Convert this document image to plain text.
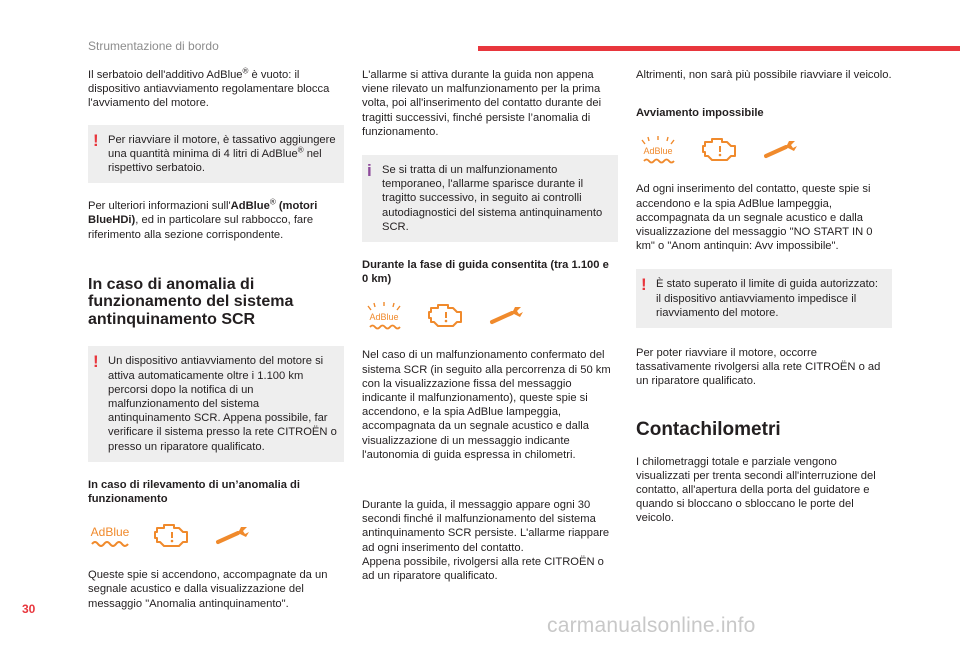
Strumentazione di bordo

Il serbatoio dell'additivo AdBlue® è vuoto: il dispositivo antiavviamento regolamentare blocca l'avviamento del motore.

! Per riavviare il motore, è tassativo aggiungere una quantità minima di 4 litri di AdBlue® nel rispettivo serbatoio.

Per ulteriori informazioni sull'AdBlue® (motori BlueHDi), ed in particolare sul rabbocco, fare riferimento alla sezione corrispondente.

In caso di anomalia di funzionamento del sistema antinquinamento SCR
! Un dispositivo antiavviamento del motore si attiva automaticamente oltre i 1.100 km percorsi dopo la notifica di un malfunzionamento del sistema antinquinamento SCR. Appena possibile, far verificare il sistema presso la rete CITROËN o presso un riparatore qualificato.

In caso di rilevamento di un’anomalia di funzionamento

AdBlue

Queste spie si accendono, accompagnate da un segnale acustico e dalla visualizzazione del messaggio "Anomalia antinquinamento".

L'allarme si attiva durante la guida non appena viene rilevato un malfunzionamento per la prima volta, poi all'inserimento del contatto durante dei tragitti successivi, finché persiste l’anomalia di funzionamento.

i Se si tratta di un malfunzionamento temporaneo, l'allarme sparisce durante il tragitto successivo, in seguito ai controlli autodiagnostici del sistema antinquinamento SCR.

Durante la fase di guida consentita (tra 1.100 e 0 km)

AdBlue

Nel caso di un malfunzionamento confermato del sistema SCR (in seguito alla percorrenza di 50 km con la visualizzazione fissa del messaggio indicante il malfunzionamento), queste spie si accendono, e la spia AdBlue lampeggia, accompagnata da un segnale acustico e dalla visualizzazione di un messaggio indicante l'autonomia di guida espressa in chilometri.

Durante la guida, il messaggio appare ogni 30 secondi finché il malfunzionamento del sistema antinquinamento SCR persiste. L'allarme riappare ad ogni inserimento del contatto.

Appena possibile, rivolgersi alla rete CITROËN o ad un riparatore qualificato.

Altrimenti, non sarà più possibile riavviare il veicolo.

Avviamento impossibile

AdBlue

Ad ogni inserimento del contatto, queste spie si accendono e la spia AdBlue lampeggia, accompagnata da un segnale acustico e dalla visualizzazione del messaggio "NO START IN 0 km" o "Anom antinquin: Avv impossibile".

! È stato superato il limite di guida autorizzato: il dispositivo antiavviamento impedisce il riavviamento del motore.

Per poter riavviare il motore, occorre tassativamente rivolgersi alla rete CITROËN o ad un riparatore qualificato.

Contachilometri

I chilometraggi totale e parziale vengono visualizzati per trenta secondi all'interruzione del contatto, all'apertura della porta del guidatore e quando si bloccano o sbloccano le porte del veicolo.

30
carmanualsonline.info
